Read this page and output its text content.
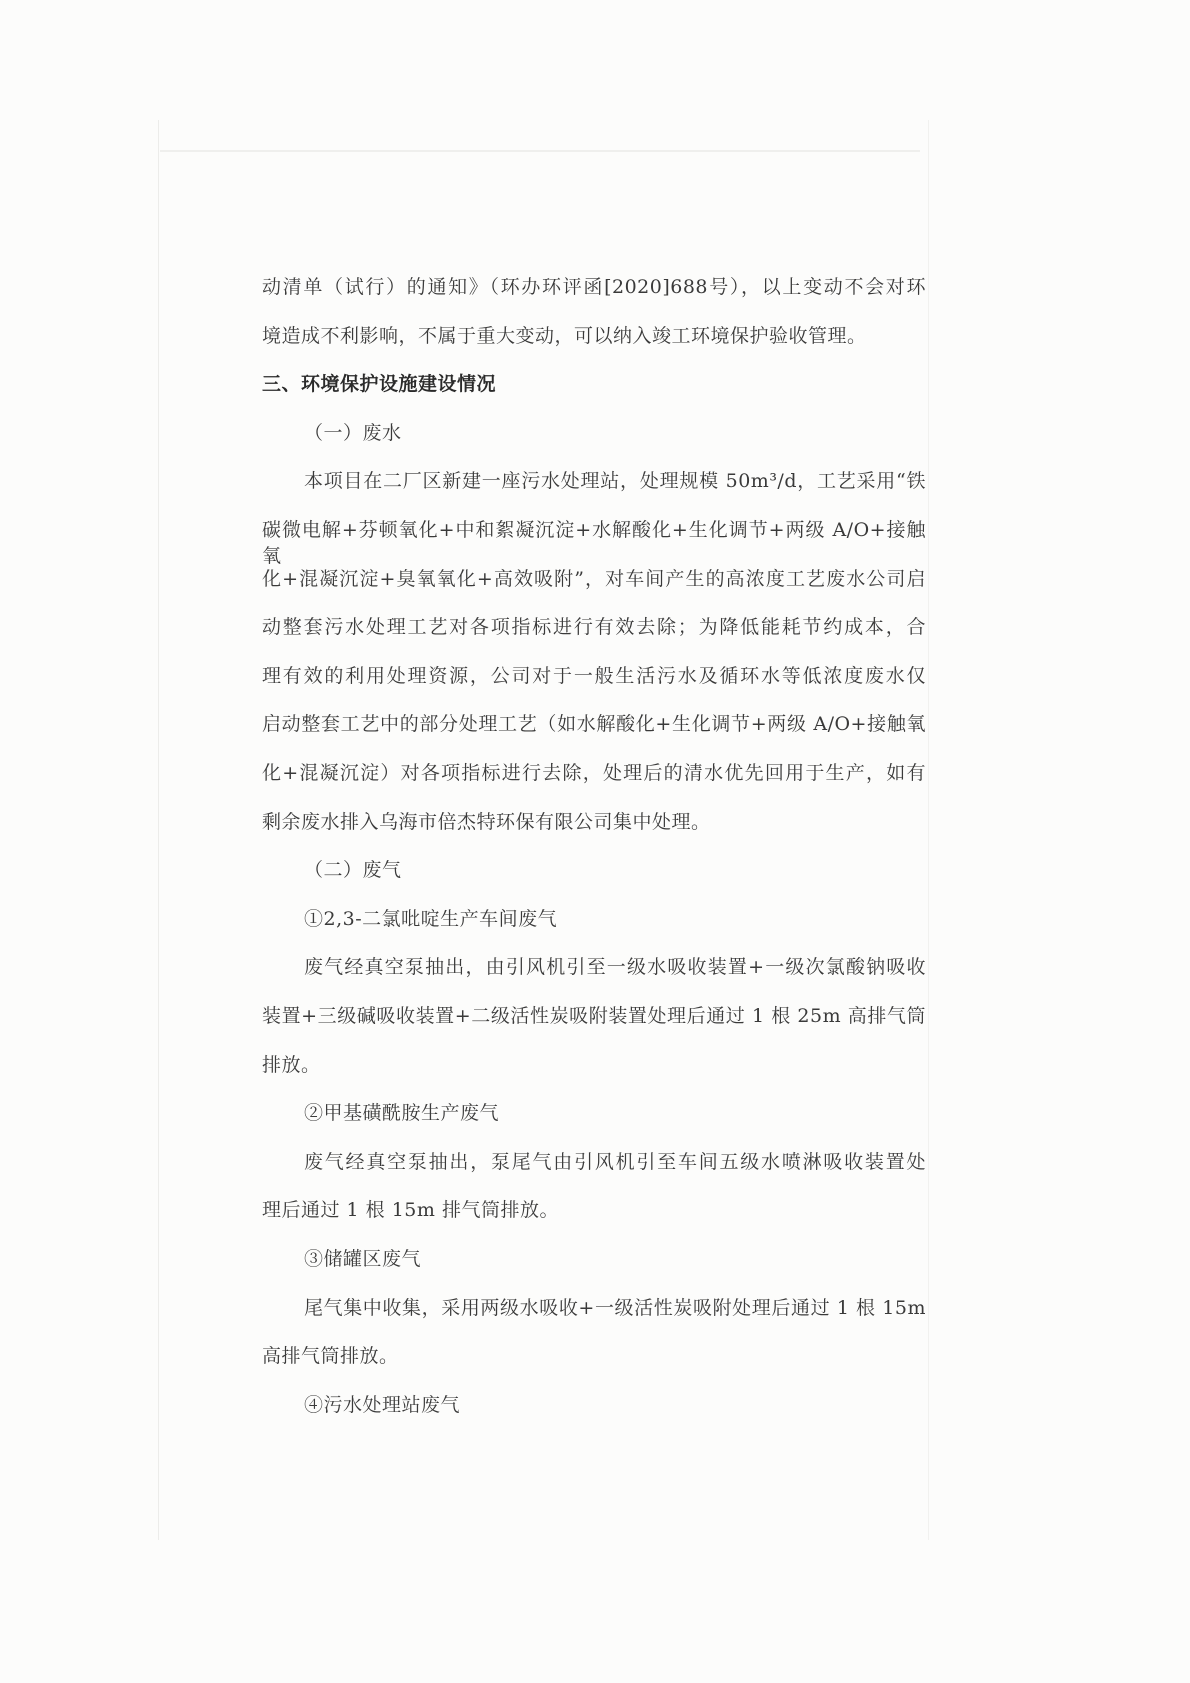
动清单（试行）的通知》（环办环评函[2020]688号），以上变动不会对环
境造成不利影响，不属于重大变动，可以纳入竣工环境保护验收管理。
三、环境保护设施建设情况
（一）废水
本项目在二厂区新建一座污水处理站，处理规模 50m³/d，工艺采用“铁
碳微电解+芬顿氧化+中和絮凝沉淀+水解酸化+生化调节+两级 A/O+接触氧
化+混凝沉淀+臭氧氧化+高效吸附”，对车间产生的高浓度工艺废水公司启
动整套污水处理工艺对各项指标进行有效去除；为降低能耗节约成本，合
理有效的利用处理资源，公司对于一般生活污水及循环水等低浓度废水仅
启动整套工艺中的部分处理工艺（如水解酸化+生化调节+两级 A/O+接触氧
化+混凝沉淀）对各项指标进行去除，处理后的清水优先回用于生产，如有
剩余废水排入乌海市倍杰特环保有限公司集中处理。
（二）废气
①2,3-二氯吡啶生产车间废气
废气经真空泵抽出，由引风机引至一级水吸收装置+一级次氯酸钠吸收
装置+三级碱吸收装置+二级活性炭吸附装置处理后通过 1 根 25m 高排气筒
排放。
②甲基磺酰胺生产废气
废气经真空泵抽出，泵尾气由引风机引至车间五级水喷淋吸收装置处
理后通过 1 根 15m 排气筒排放。
③储罐区废气
尾气集中收集，采用两级水吸收+一级活性炭吸附处理后通过 1 根 15m
高排气筒排放。
④污水处理站废气
